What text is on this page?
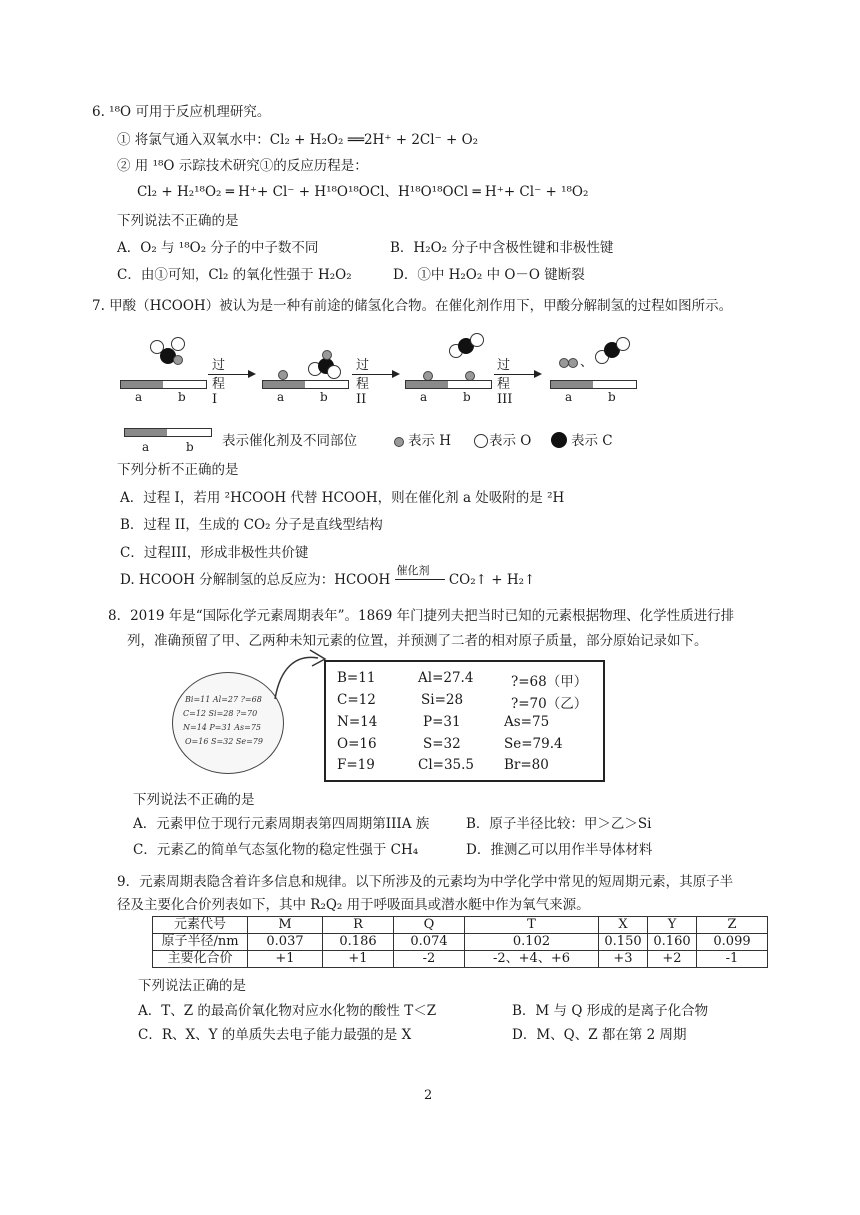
6. ¹⁸O 可用于反应机理研究。
① 将氯气通入双氧水中：Cl₂ + H₂O₂ ══2H⁺ + 2Cl⁻ + O₂
② 用 ¹⁸O 示踪技术研究①的反应历程是：
Cl₂ + H₂¹⁸O₂ ═ H⁺+ Cl⁻ + H¹⁸O¹⁸OCl、H¹⁸O¹⁸OCl ═ H⁺+ Cl⁻ + ¹⁸O₂
下列说法不正确的是
A．O₂ 与 ¹⁸O₂ 分子的中子数不同	B．H₂O₂ 分子中含极性键和非极性键
C．由①可知，Cl₂ 的氧化性强于 H₂O₂	D．①中 H₂O₂ 中 O－O 键断裂
7. 甲酸（HCOOH）被认为是一种有前途的储氢化合物。在催化剂作用下，甲酸分解制氢的过程如图所示。
a	b
过程 I	a	b
过程 II	a	b
过程III
、
a	b
a	b 表示催化剂及不同部位	表示 H	表示 O	表示 C
下列分析不正确的是
A．过程 I，若用 ²HCOOH 代替 HCOOH，则在催化剂 a 处吸附的是 ²H
B．过程 II，生成的 CO₂ 分子是直线型结构
C．过程III，形成非极性共价键
D. HCOOH 分解制氢的总反应为：HCOOH
催化剂
CO₂↑ + H₂↑
8．2019 年是“国际化学元素周期表年”。1869 年门捷列夫把当时已知的元素根据物理、化学性质进行排
列，准确预留了甲、乙两种未知元素的位置，并预测了二者的相对原子质量，部分原始记录如下。
Bi=11 Al=27 ?=68
C=12 Si=28 ?=70
N=14 P=31 As=75
O=16 S=32 Se=79
B=11	Al=27.4	?=68（甲）
C=12	Si=28	?=70（乙）
N=14	P=31	As=75
O=16	S=32	Se=79.4
F=19	Cl=35.5 Br=80
下列说法不正确的是
A．元素甲位于现行元素周期表第四周期第IIIA 族	B．原子半径比较：甲＞乙＞Si
C．元素乙的简单气态氢化物的稳定性强于 CH₄	D．推测乙可以用作半导体材料
9．元素周期表隐含着许多信息和规律。以下所涉及的元素均为中学化学中常见的短周期元素，其原子半
径及主要化合价列表如下，其中 R₂Q₂ 用于呼吸面具或潜水艇中作为氧气来源。
元素代号	M	R	Q	T	X	Y	Z
原子半径/nm	0.037	0.186	0.074	0.102	0.150	0.160	0.099
主要化合价	+1	+1	-2	-2、+4、+6	+3	+2	-1
下列说法正确的是
A．T、Z 的最高价氧化物对应水化物的酸性 T＜Z	B．M 与 Q 形成的是离子化合物
C．R、X、Y 的单质失去电子能力最强的是 X	D．M、Q、Z 都在第 2 周期
2
